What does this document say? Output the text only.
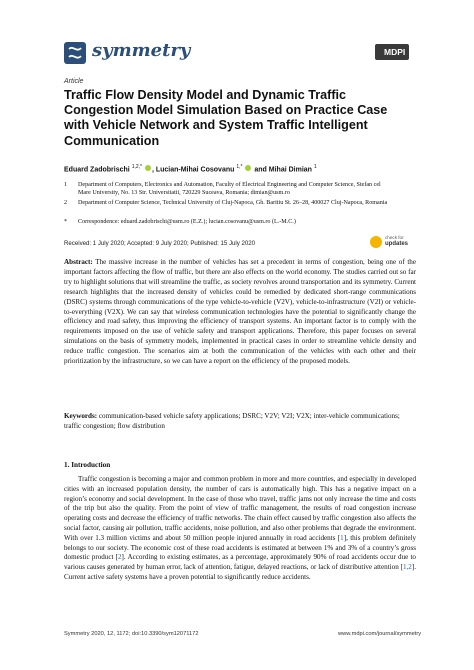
symmetry	MDPI
Article
Traffic Flow Density Model and Dynamic Traffic Congestion Model Simulation Based on Practice Case with Vehicle Network and System Traffic Intelligent Communication
Eduard Zadobrischi $^{1,2,*}$ , Lucian-Mihai Cosovanu $^{1,*}$  and Mihai Dimian $^1$
1 Department of Computers, Electronics and Automation, Faculty of Electrical Engineering and Computer Science, Stefan cel Mare University, No. 13 Str. Universitatii, 720229 Suceava, Romania; dimian@usm.ro
2 Department of Computer Science, Technical University of Cluj-Napoca, Gh. Baritiu St. 26–28, 400027 Cluj-Napoca, Romania
* Correspondence: eduard.zadobrischi@usm.ro (E.Z.); lucian.cosovanu@usm.ro (L.-M.C.)
Received: 1 July 2020; Accepted: 9 July 2020; Published: 15 July 2020
check for
updates

Abstract: The massive increase in the number of vehicles has set a precedent in terms of congestion, being one of the important factors affecting the flow of traffic, but there are also effects on the world economy. The studies carried out so far try to highlight solutions that will streamline the traffic, as society revolves around transportation and its symmetry. Current research highlights that the increased density of vehicles could be remedied by dedicated short-range communications (DSRC) systems through communications of the type vehicle-to-vehicle (V2V), vehicle-to-infrastructure (V2I) or vehicle-to-everything (V2X). We can say that wireless communication technologies have the potential to significantly change the efficiency and road safety, thus improving the efficiency of transport systems. An important factor is to comply with the requirements imposed on the use of vehicle safety and transport applications. Therefore, this paper focuses on several simulations on the basis of symmetry models, implemented in practical cases in order to streamline vehicle density and reduce traffic congestion. The scenarios aim at both the communication of the vehicles with each other and their prioritization by the infrastructure, so we can have a report on the efficiency of the proposed models.

Keywords: communication-based vehicle safety applications; DSRC; V2V; V2I; V2X; inter-vehicle communications; traffic congestion; flow distribution

1. Introduction

Traffic congestion is becoming a major and common problem in more and more countries, and especially in developed cities with an increased population density, the number of cars is automatically high. This has a negative impact on a region’s economy and social development. In the case of those who travel, traffic jams not only increase the time and costs of the trip but also the quality. From the point of view of traffic management, the results of road congestion increase operating costs and decrease the efficiency of traffic networks. The chain effect caused by traffic congestion also affects the social factor, causing air pollution, traffic accidents, noise pollution, and also other problems that degrade the environment. With over 1.3 million victims and about 50 million people injured annually in road accidents [1], this problem definitely belongs to our society. The economic cost of these road accidents is estimated at between 1% and 3% of a country’s gross domestic product [2]. According to existing estimates, as a percentage, approximately 90% of road accidents occur due to various causes generated by human error, lack of attention, fatigue, delayed reactions, or lack of distributive attention [1,2]. Current active safety systems have a proven potential to significantly reduce accidents.

Symmetry 2020, 12, 1172; doi:10.3390/sym12071172	www.mdpi.com/journal/symmetry
